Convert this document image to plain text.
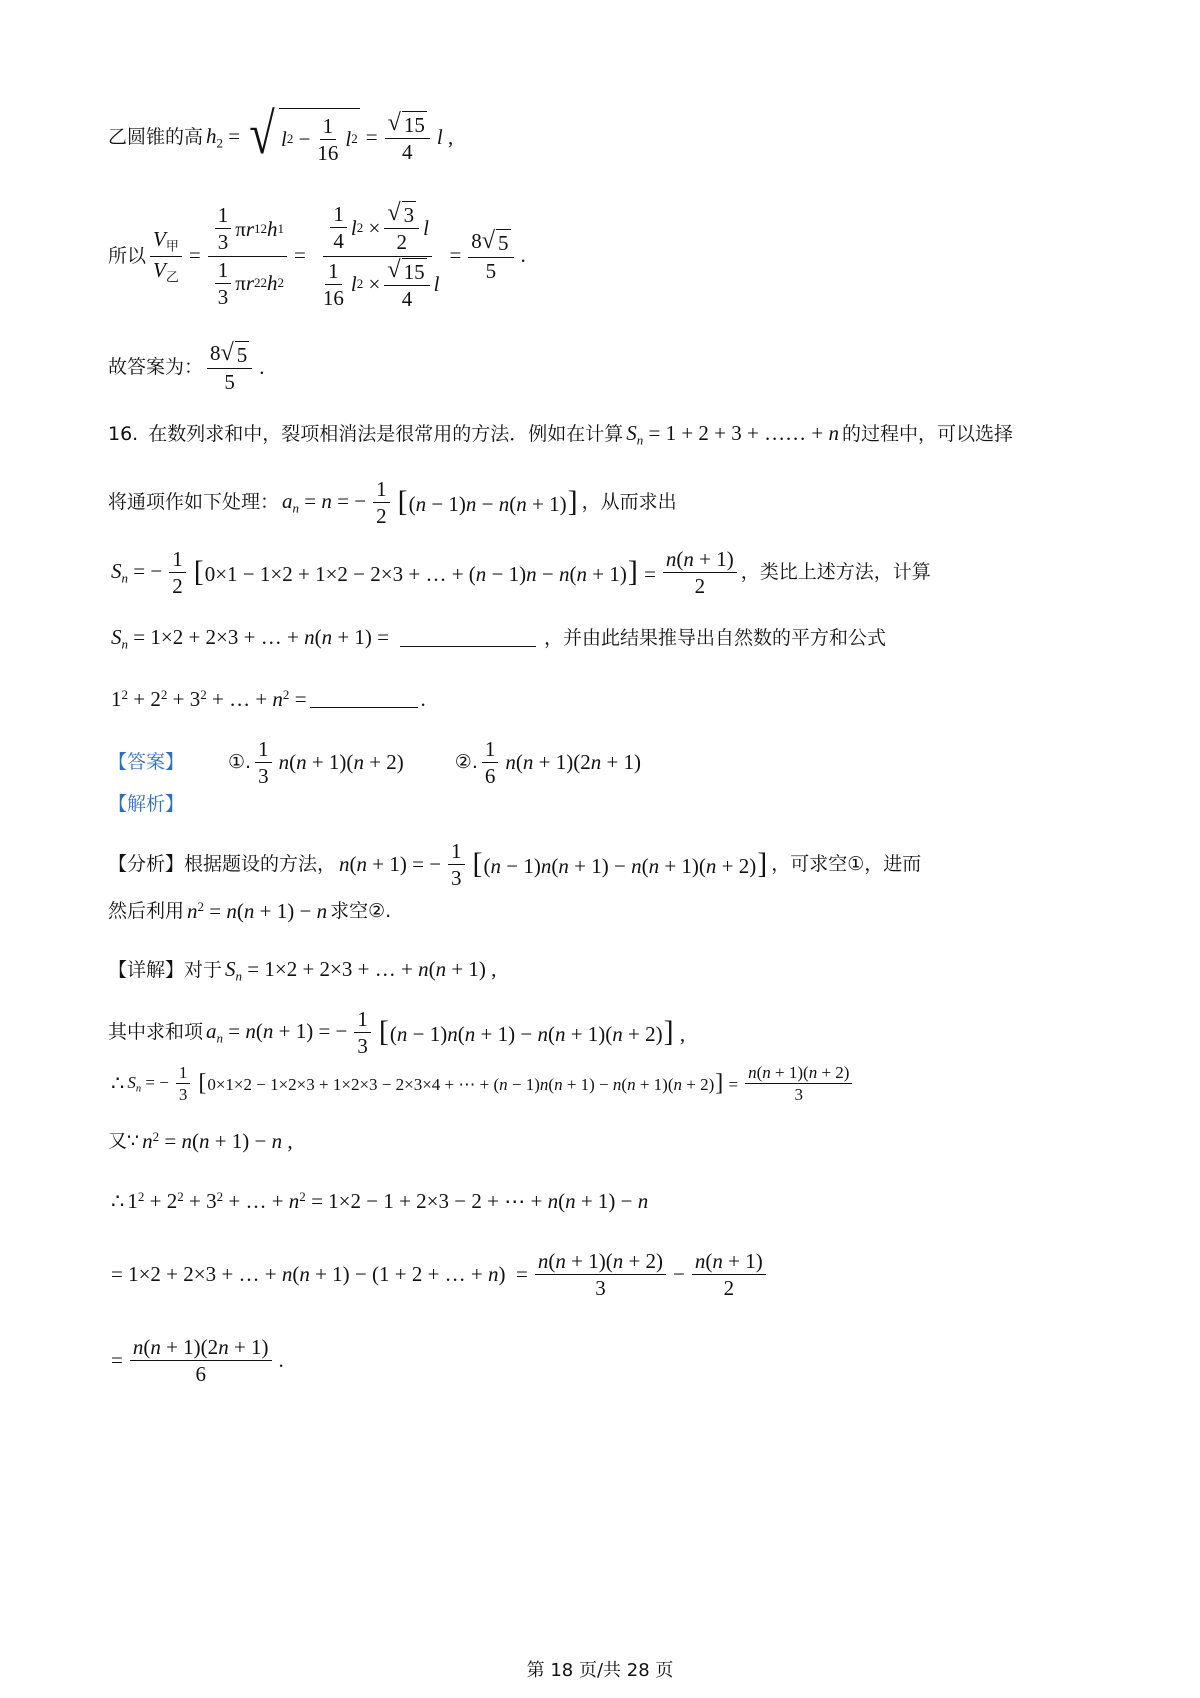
乙圆锥的高 $h_2$ = √ l $2 - \frac{1}{16}$ l $2 = \frac{√ 15}{4}$ l ,
所以 $\frac{V_甲}{V_乙} = \frac{\frac{1}{3} \pi r 1 2 h 1}{\frac{1}{3} \pi r 2 2 h 2} = \frac{\frac{1}{4} l 2 \times \frac{√ 3}{2} l}{\frac{1}{16} l 2 \times \frac{√ 15}{4} l} = \frac{8 √ 5}{5}$ .
故答案为： $\frac{8 √ 5}{5}$ .
16. 在数列求和中，裂项相消法是很常用的方法．例如在计算 $S_n = 1 + 2 + 3$ + …… + n 的过程中，可以选择
将通项作如下处理： $a_n = n$ = − $\frac{1}{2} [(n - 1)n - n(n + 1)]$ ，从而求出
$S_n$ = − $\frac{1}{2} [0\times 1 - 1\times 2 + 1\times 2 - 2\times 3$ + … + $(n - 1)n - n(n + 1)] = \frac{n(n + 1)}{2}$ ，类比上述方法，计算
$S_n = 1\times 2 + 2\times 3$ + … + n(n + 1) =	，并由此结果推导出自然数的平方和公式
$1^2 + 2^2 + 3^2$ + … + $n^2$ =	.
【答案】 ①. $\frac{1}{3} n(n + 1)(n + 2)$	②. $\frac{1}{6} n(n + 1)(2n + 1)$
【解析】
【分析】根据题设的方法， n(n + 1) = − $\frac{1}{3} [(n - 1)n(n + 1) - n(n + 1)(n + 2)]$ ，可求空①，进而
然后利用 $n^2 = n(n + 1) - n$ 求空②.
【详解】对于 $S_n = 1\times 2 + 2\times 3$ + … + n(n + 1) ,
其中求和项 $a_n = n(n + 1)$ = − $\frac{1}{3} [(n - 1)n(n + 1) - n(n + 1)(n + 2)]$ ,
∴ $S_n$ = − $\frac{1}{3} [0\times 1\times 2 - 1\times 2\times 3 + 1\times 2\times 3 - 2\times 3\times 4$ + ⋯ + $(n - 1)n(n + 1) - n(n + 1)(n + 2)] = \frac{n(n + 1)(n + 2)}{3}$
又∵ $n^2 = n(n + 1) - n$ ,
∴ $1^2 + 2^2 + 3^2$ + … + $n^2 = 1\times 2 - 1 + 2\times 3 - 2$ + ⋯ + n(n + 1) − n
= 1×2 + 2×3 + … + n(n + 1) − (1 + 2 + … + $n) = \frac{n(n + 1)(n + 2)}{3} - \frac{n(n + 1)}{2}$
= $\frac{n(n + 1)(2n + 1)}{6}$ .
第 18 页/共 28 页
